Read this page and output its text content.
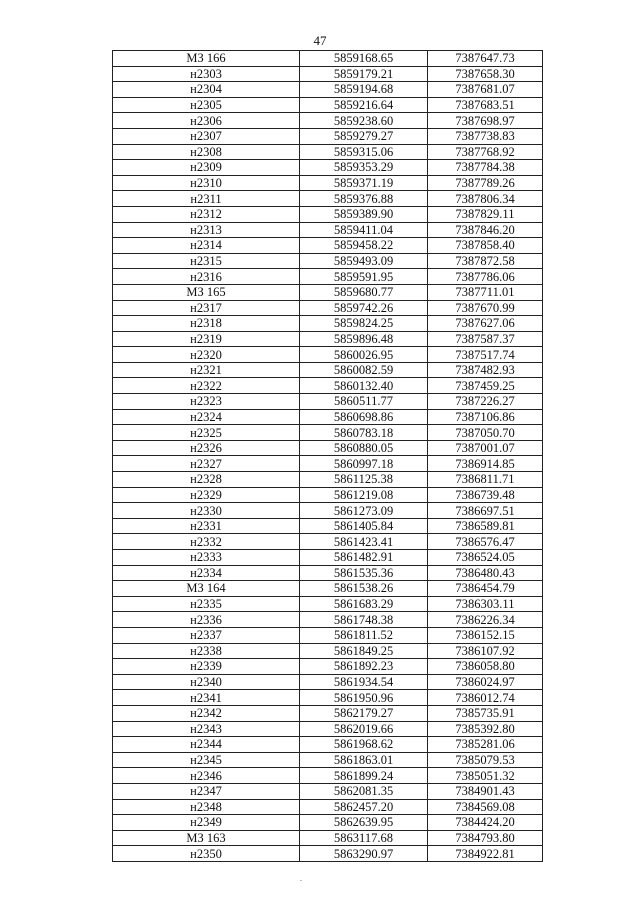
47
МЗ 166	5859168.65	7387647.73
н2303	5859179.21	7387658.30
н2304	5859194.68	7387681.07
н2305	5859216.64	7387683.51
н2306	5859238.60	7387698.97
н2307	5859279.27	7387738.83
н2308	5859315.06	7387768.92
н2309	5859353.29	7387784.38
н2310	5859371.19	7387789.26
н2311	5859376.88	7387806.34
н2312	5859389.90	7387829.11
н2313	5859411.04	7387846.20
н2314	5859458.22	7387858.40
н2315	5859493.09	7387872.58
н2316	5859591.95	7387786.06
МЗ 165	5859680.77	7387711.01
н2317	5859742.26	7387670.99
н2318	5859824.25	7387627.06
н2319	5859896.48	7387587.37
н2320	5860026.95	7387517.74
н2321	5860082.59	7387482.93
н2322	5860132.40	7387459.25
н2323	5860511.77	7387226.27
н2324	5860698.86	7387106.86
н2325	5860783.18	7387050.70
н2326	5860880.05	7387001.07
н2327	5860997.18	7386914.85
н2328	5861125.38	7386811.71
н2329	5861219.08	7386739.48
н2330	5861273.09	7386697.51
н2331	5861405.84	7386589.81
н2332	5861423.41	7386576.47
н2333	5861482.91	7386524.05
н2334	5861535.36	7386480.43
МЗ 164	5861538.26	7386454.79
н2335	5861683.29	7386303.11
н2336	5861748.38	7386226.34
н2337	5861811.52	7386152.15
н2338	5861849.25	7386107.92
н2339	5861892.23	7386058.80
н2340	5861934.54	7386024.97
н2341	5861950.96	7386012.74
н2342	5862179.27	7385735.91
н2343	5862019.66	7385392.80
н2344	5861968.62	7385281.06
н2345	5861863.01	7385079.53
н2346	5861899.24	7385051.32
н2347	5862081.35	7384901.43
н2348	5862457.20	7384569.08
н2349	5862639.95	7384424.20
МЗ 163	5863117.68	7384793.80
н2350	5863290.97	7384922.81
